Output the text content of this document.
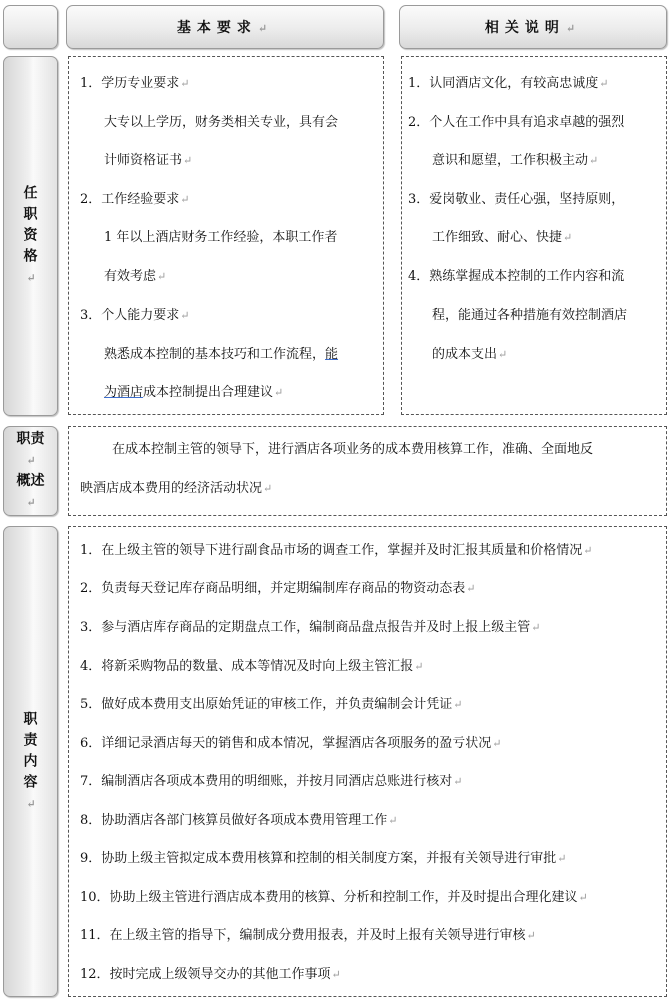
基本要求↵	相关说明↵
任
职
资
格
↵
1．学历专业要求↵
大专以上学历，财务类相关专业，具有会
计师资格证书↵
2．工作经验要求↵
1 年以上酒店财务工作经验，本职工作者
有效考虑↵
3．个人能力要求↵
熟悉成本控制的基本技巧和工作流程，能
为酒店成本控制提出合理建议↵
1．认同酒店文化，有较高忠诚度↵
2．个人在工作中具有追求卓越的强烈
意识和愿望，工作积极主动↵
3．爱岗敬业、责任心强，坚持原则，
工作细致、耐心、快捷↵
4．熟练掌握成本控制的工作内容和流
程，能通过各种措施有效控制酒店
的成本支出↵
职责
↵
概述
↵
在成本控制主管的领导下，进行酒店各项业务的成本费用核算工作，准确、全面地反
映酒店成本费用的经济活动状况↵
职
责
内
容
↵
1．在上级主管的领导下进行副食品市场的调查工作，掌握并及时汇报其质量和价格情况↵
2．负责每天登记库存商品明细，并定期编制库存商品的物资动态表↵
3．参与酒店库存商品的定期盘点工作，编制商品盘点报告并及时上报上级主管↵
4．将新采购物品的数量、成本等情况及时向上级主管汇报↵
5．做好成本费用支出原始凭证的审核工作，并负责编制会计凭证↵
6．详细记录酒店每天的销售和成本情况，掌握酒店各项服务的盈亏状况↵
7．编制酒店各项成本费用的明细账，并按月同酒店总账进行核对↵
8．协助酒店各部门核算员做好各项成本费用管理工作↵
9．协助上级主管拟定成本费用核算和控制的相关制度方案，并报有关领导进行审批↵
10．协助上级主管进行酒店成本费用的核算、分析和控制工作，并及时提出合理化建议↵
11．在上级主管的指导下，编制成分费用报表，并及时上报有关领导进行审核↵
12．按时完成上级领导交办的其他工作事项↵
